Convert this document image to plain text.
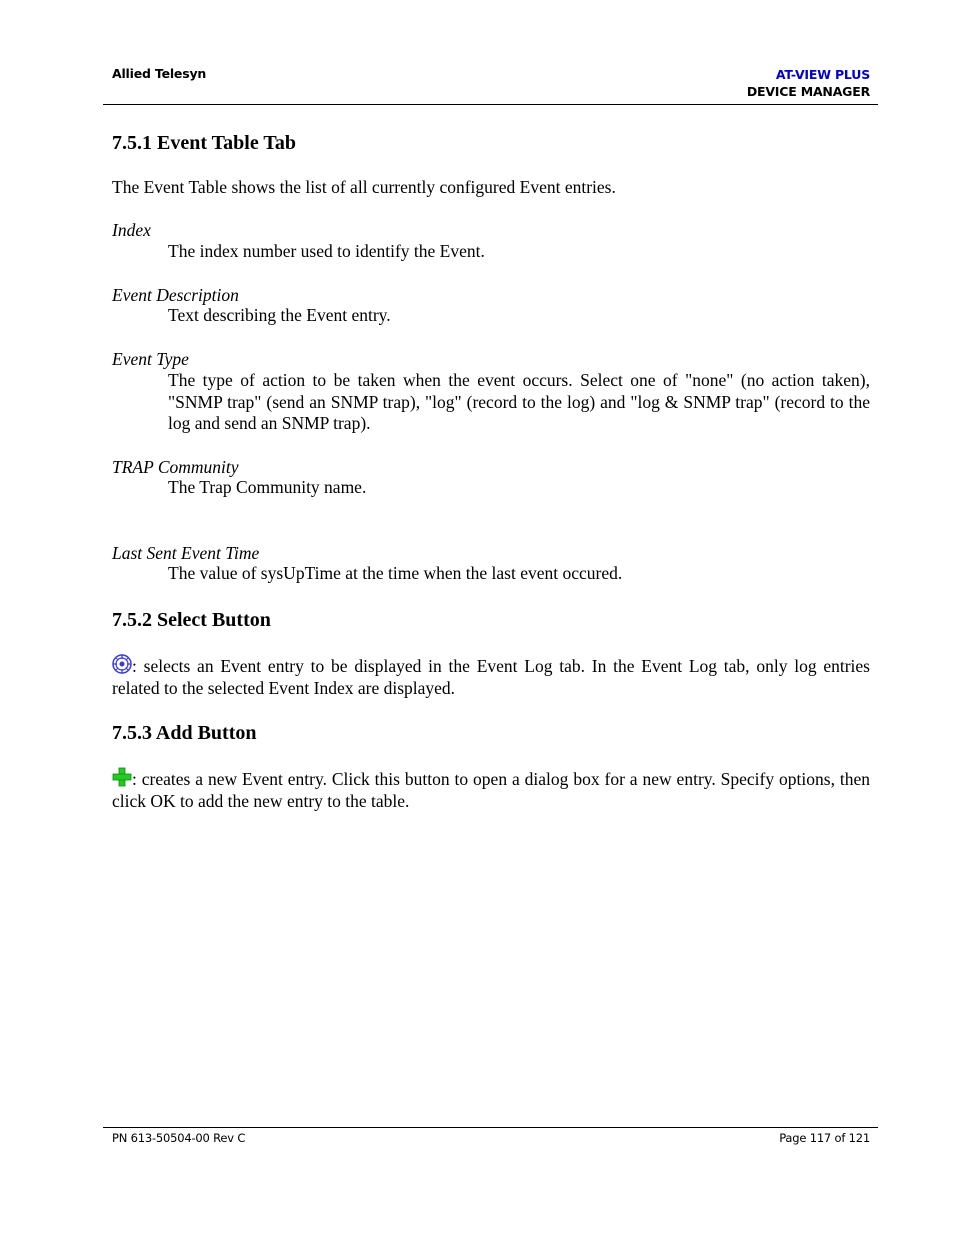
Allied Telesyn	AT-VIEW PLUS
DEVICE MANAGER
7.5.1 Event Table Tab

The Event Table shows the list of all currently configured Event entries.

Index
The index number used to identify the Event.
Event Description
Text describing the Event entry.
Event Type
The type of action to be taken when the event occurs. Select one of "none" (no action taken), "SNMP trap" (send an SNMP trap), "log" (record to the log) and "log & SNMP trap" (record to the log and send an SNMP trap).
TRAP Community
The Trap Community name.
Last Sent Event Time
The value of sysUpTime at the time when the last event occured.
7.5.2 Select Button

: selects an Event entry to be displayed in the Event Log tab. In the Event Log tab, only log entries related to the selected Event Index are displayed.

7.5.3 Add Button

: creates a new Event entry. Click this button to open a dialog box for a new entry. Specify options, then click OK to add the new entry to the table.

PN 613-50504-00 Rev C	Page 117 of 121
